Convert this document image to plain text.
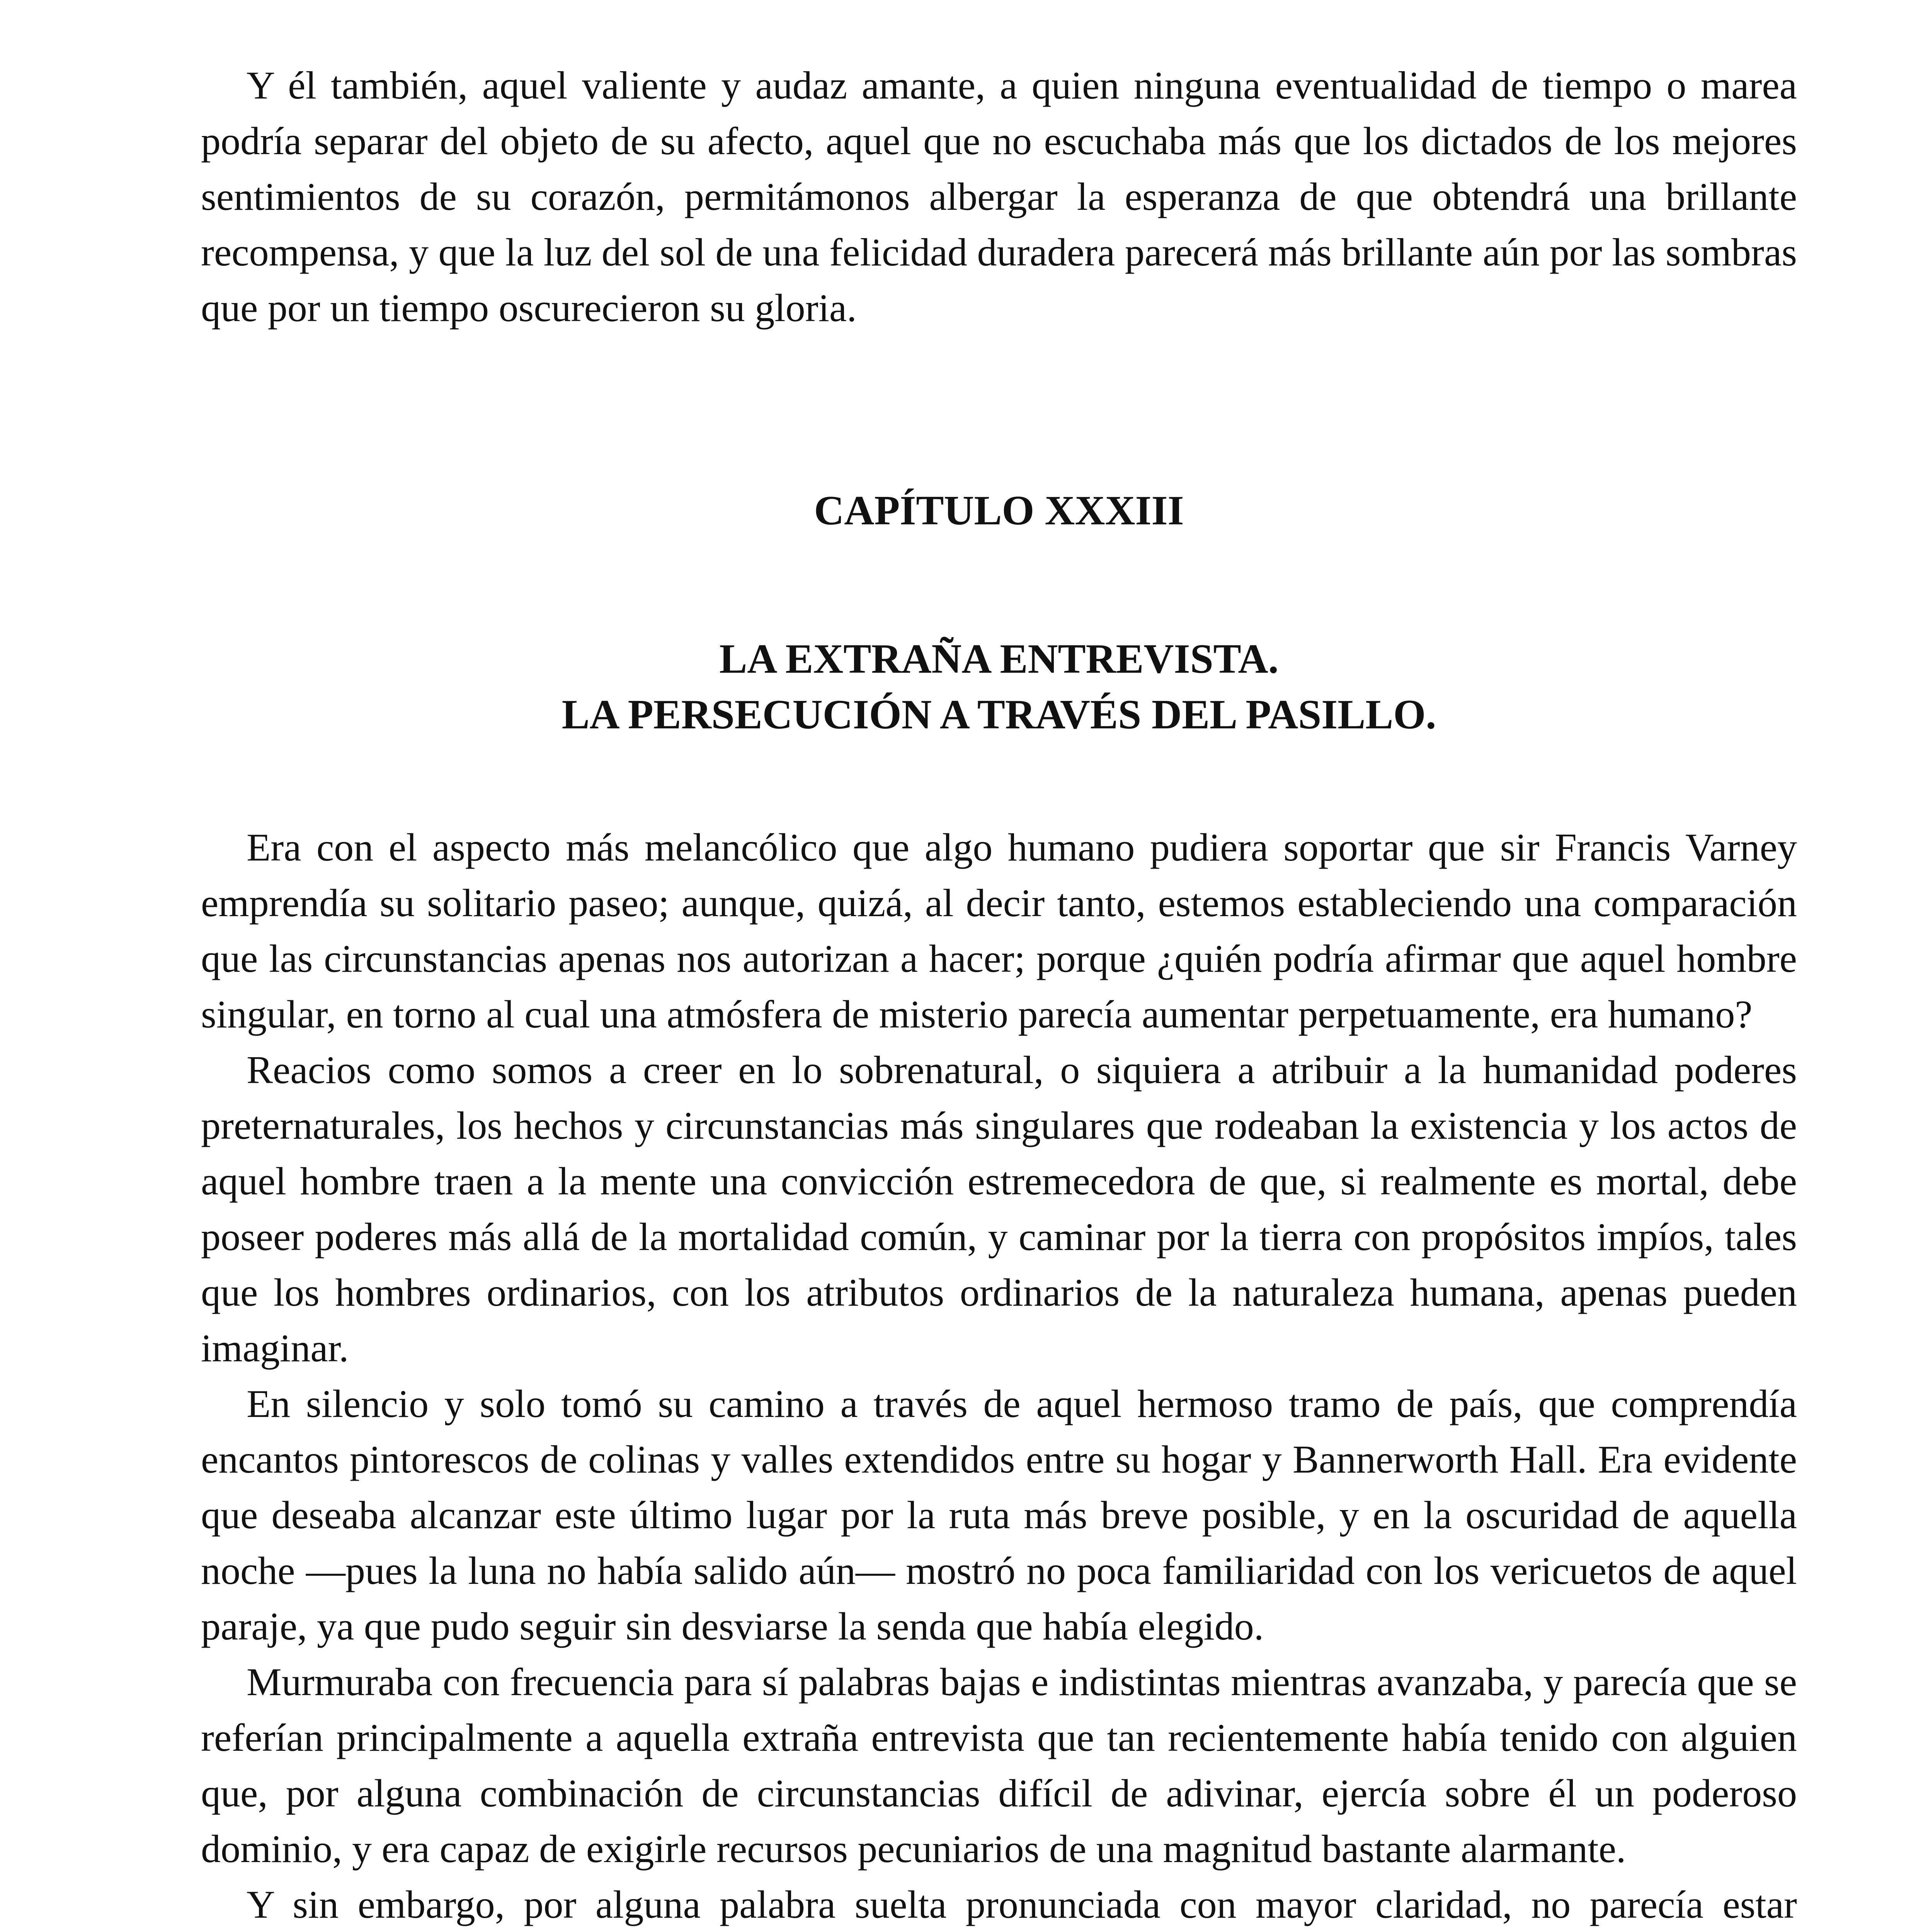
Y él también, aquel valiente y audaz amante, a quien ninguna eventualidad de tiempo o marea podría separar del objeto de su afecto, aquel que no escuchaba más que los dictados de los mejores sentimientos de su corazón, permitámonos albergar la esperanza de que obtendrá una brillante recompensa, y que la luz del sol de una felicidad duradera parecerá más brillante aún por las sombras que por un tiempo oscurecieron su gloria.

CAPÍTULO XXXIII
LA EXTRAÑA ENTREVISTA.
LA PERSECUCIÓN A TRAVÉS DEL PASILLO.

Era con el aspecto más melancólico que algo humano pudiera soportar que sir Francis Varney emprendía su solitario paseo; aunque, quizá, al decir tanto, estemos estableciendo una comparación que las circunstancias apenas nos autorizan a hacer; porque ¿quién podría afirmar que aquel hombre singular, en torno al cual una atmósfera de misterio parecía aumentar perpetuamente, era humano?

Reacios como somos a creer en lo sobrenatural, o siquiera a atribuir a la humanidad poderes preternaturales, los hechos y circunstancias más singulares que rodeaban la existencia y los actos de aquel hombre traen a la mente una convicción estremecedora de que, si realmente es mortal, debe poseer poderes más allá de la mortalidad común, y caminar por la tierra con propósitos impíos, tales que los hombres ordinarios, con los atributos ordinarios de la naturaleza humana, apenas pueden imaginar.

En silencio y solo tomó su camino a través de aquel hermoso tramo de país, que comprendía encantos pintorescos de colinas y valles extendidos entre su hogar y Bannerworth Hall. Era evidente que deseaba alcanzar este último lugar por la ruta más breve posible, y en la oscuridad de aquella noche —pues la luna no había salido aún— mostró no poca familiaridad con los vericuetos de aquel paraje, ya que pudo seguir sin desviarse la senda que había elegido.

Murmuraba con frecuencia para sí palabras bajas e indistintas mientras avanzaba, y parecía que se referían principalmente a aquella extraña entrevista que tan recientemente había tenido con alguien que, por alguna combinación de circunstancias difícil de adivinar, ejercía sobre él un poderoso dominio, y era capaz de exigirle recursos pecuniarios de una magnitud bastante alarmante.

Y sin embargo, por alguna palabra suelta pronunciada con mayor claridad, no parecía estar
